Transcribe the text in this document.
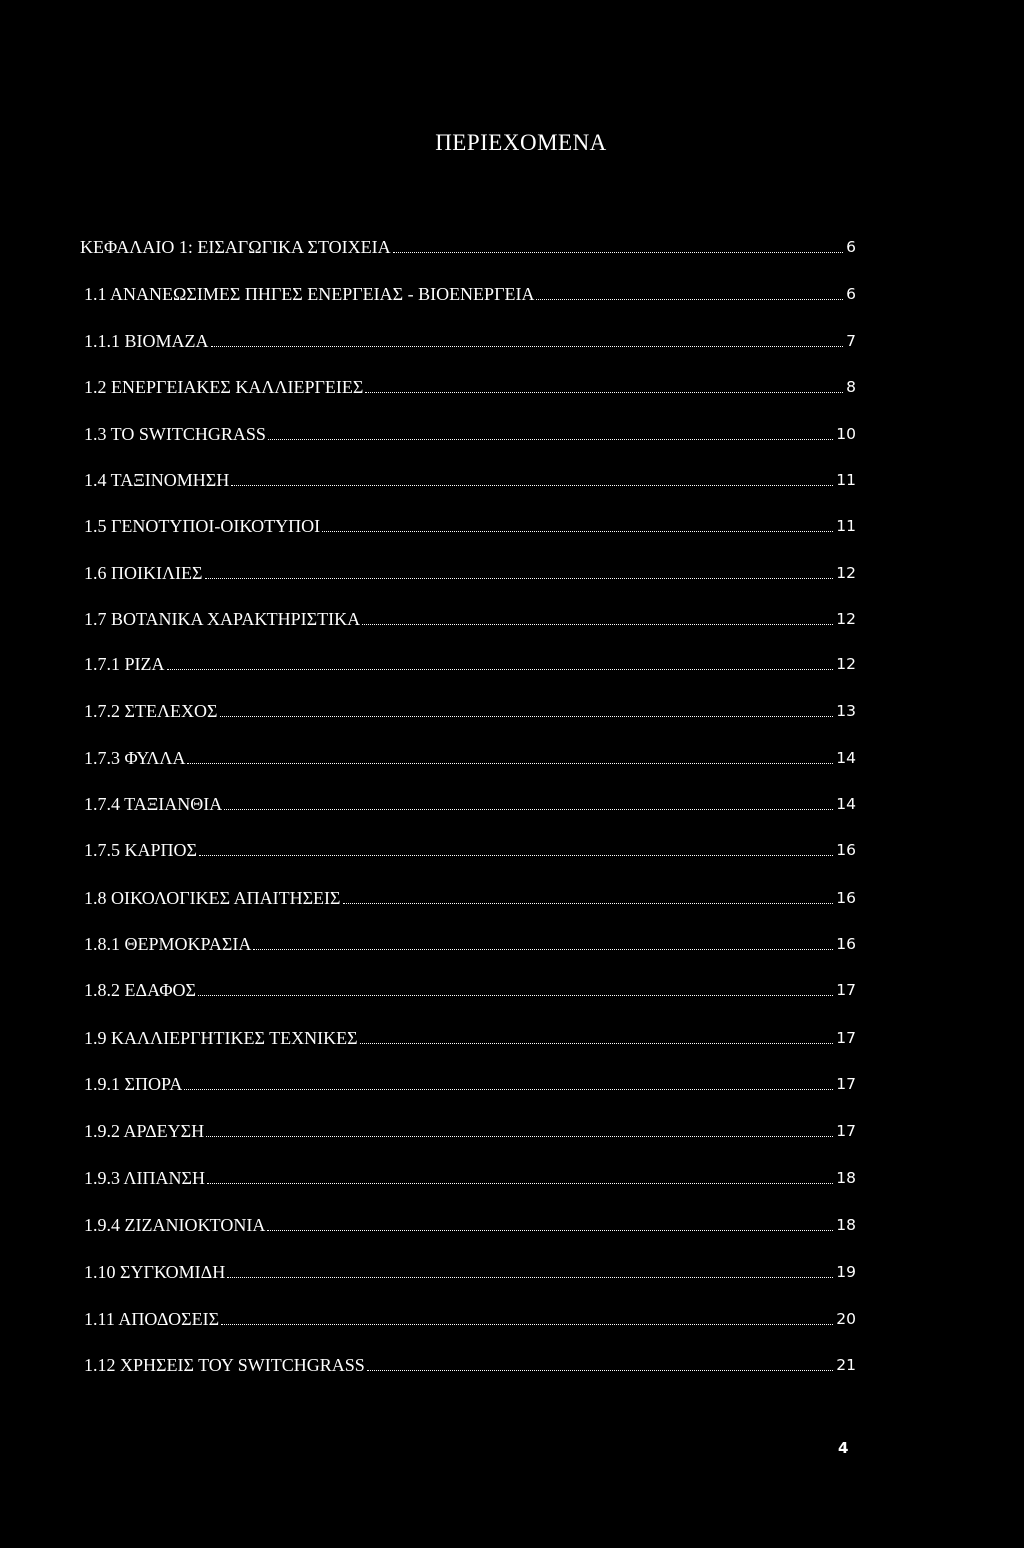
ΠΕΡΙΕΧΟΜΕΝΑ
ΚΕΦΑΛΑΙΟ 1: ΕΙΣΑΓΩΓΙΚΑ ΣΤΟΙΧΕΙΑ	6
1.1 ΑΝΑΝΕΩΣΙΜΕΣ ΠΗΓΕΣ ΕΝΕΡΓΕΙΑΣ - ΒΙΟΕΝΕΡΓΕΙΑ	6
1.1.1 ΒΙΟΜΑΖΑ	7
1.2 ΕΝΕΡΓΕΙΑΚΕΣ ΚΑΛΛΙΕΡΓΕΙΕΣ	8
1.3 ΤΟ SWITCHGRASS	10
1.4 ΤΑΞΙΝΟΜΗΣΗ	11
1.5 ΓΕΝΟΤΥΠΟΙ-ΟΙΚΟΤΥΠΟΙ	11
1.6 ΠΟΙΚΙΛΙΕΣ	12
1.7 ΒΟΤΑΝΙΚΑ ΧΑΡΑΚΤΗΡΙΣΤΙΚΑ	12
1.7.1 ΡΙΖΑ	12
1.7.2 ΣΤΕΛΕΧΟΣ	13
1.7.3 ΦΥΛΛΑ	14
1.7.4 ΤΑΞΙΑΝΘΙΑ	14
1.7.5 ΚΑΡΠΟΣ	16
1.8 ΟΙΚΟΛΟΓΙΚΕΣ ΑΠΑΙΤΗΣΕΙΣ	16
1.8.1 ΘΕΡΜΟΚΡΑΣΙΑ	16
1.8.2 ΕΔΑΦΟΣ	17
1.9 ΚΑΛΛΙΕΡΓΗΤΙΚΕΣ ΤΕΧΝΙΚΕΣ	17
1.9.1 ΣΠΟΡΑ	17
1.9.2 ΑΡΔΕΥΣΗ	17
1.9.3 ΛΙΠΑΝΣΗ	18
1.9.4 ΖΙΖΑΝΙΟΚΤΟΝΙΑ	18
1.10 ΣΥΓΚΟΜΙΔΗ	19
1.11 ΑΠΟΔΟΣΕΙΣ	20
1.12 ΧΡΗΣΕΙΣ ΤΟΥ SWITCHGRASS	21
4
